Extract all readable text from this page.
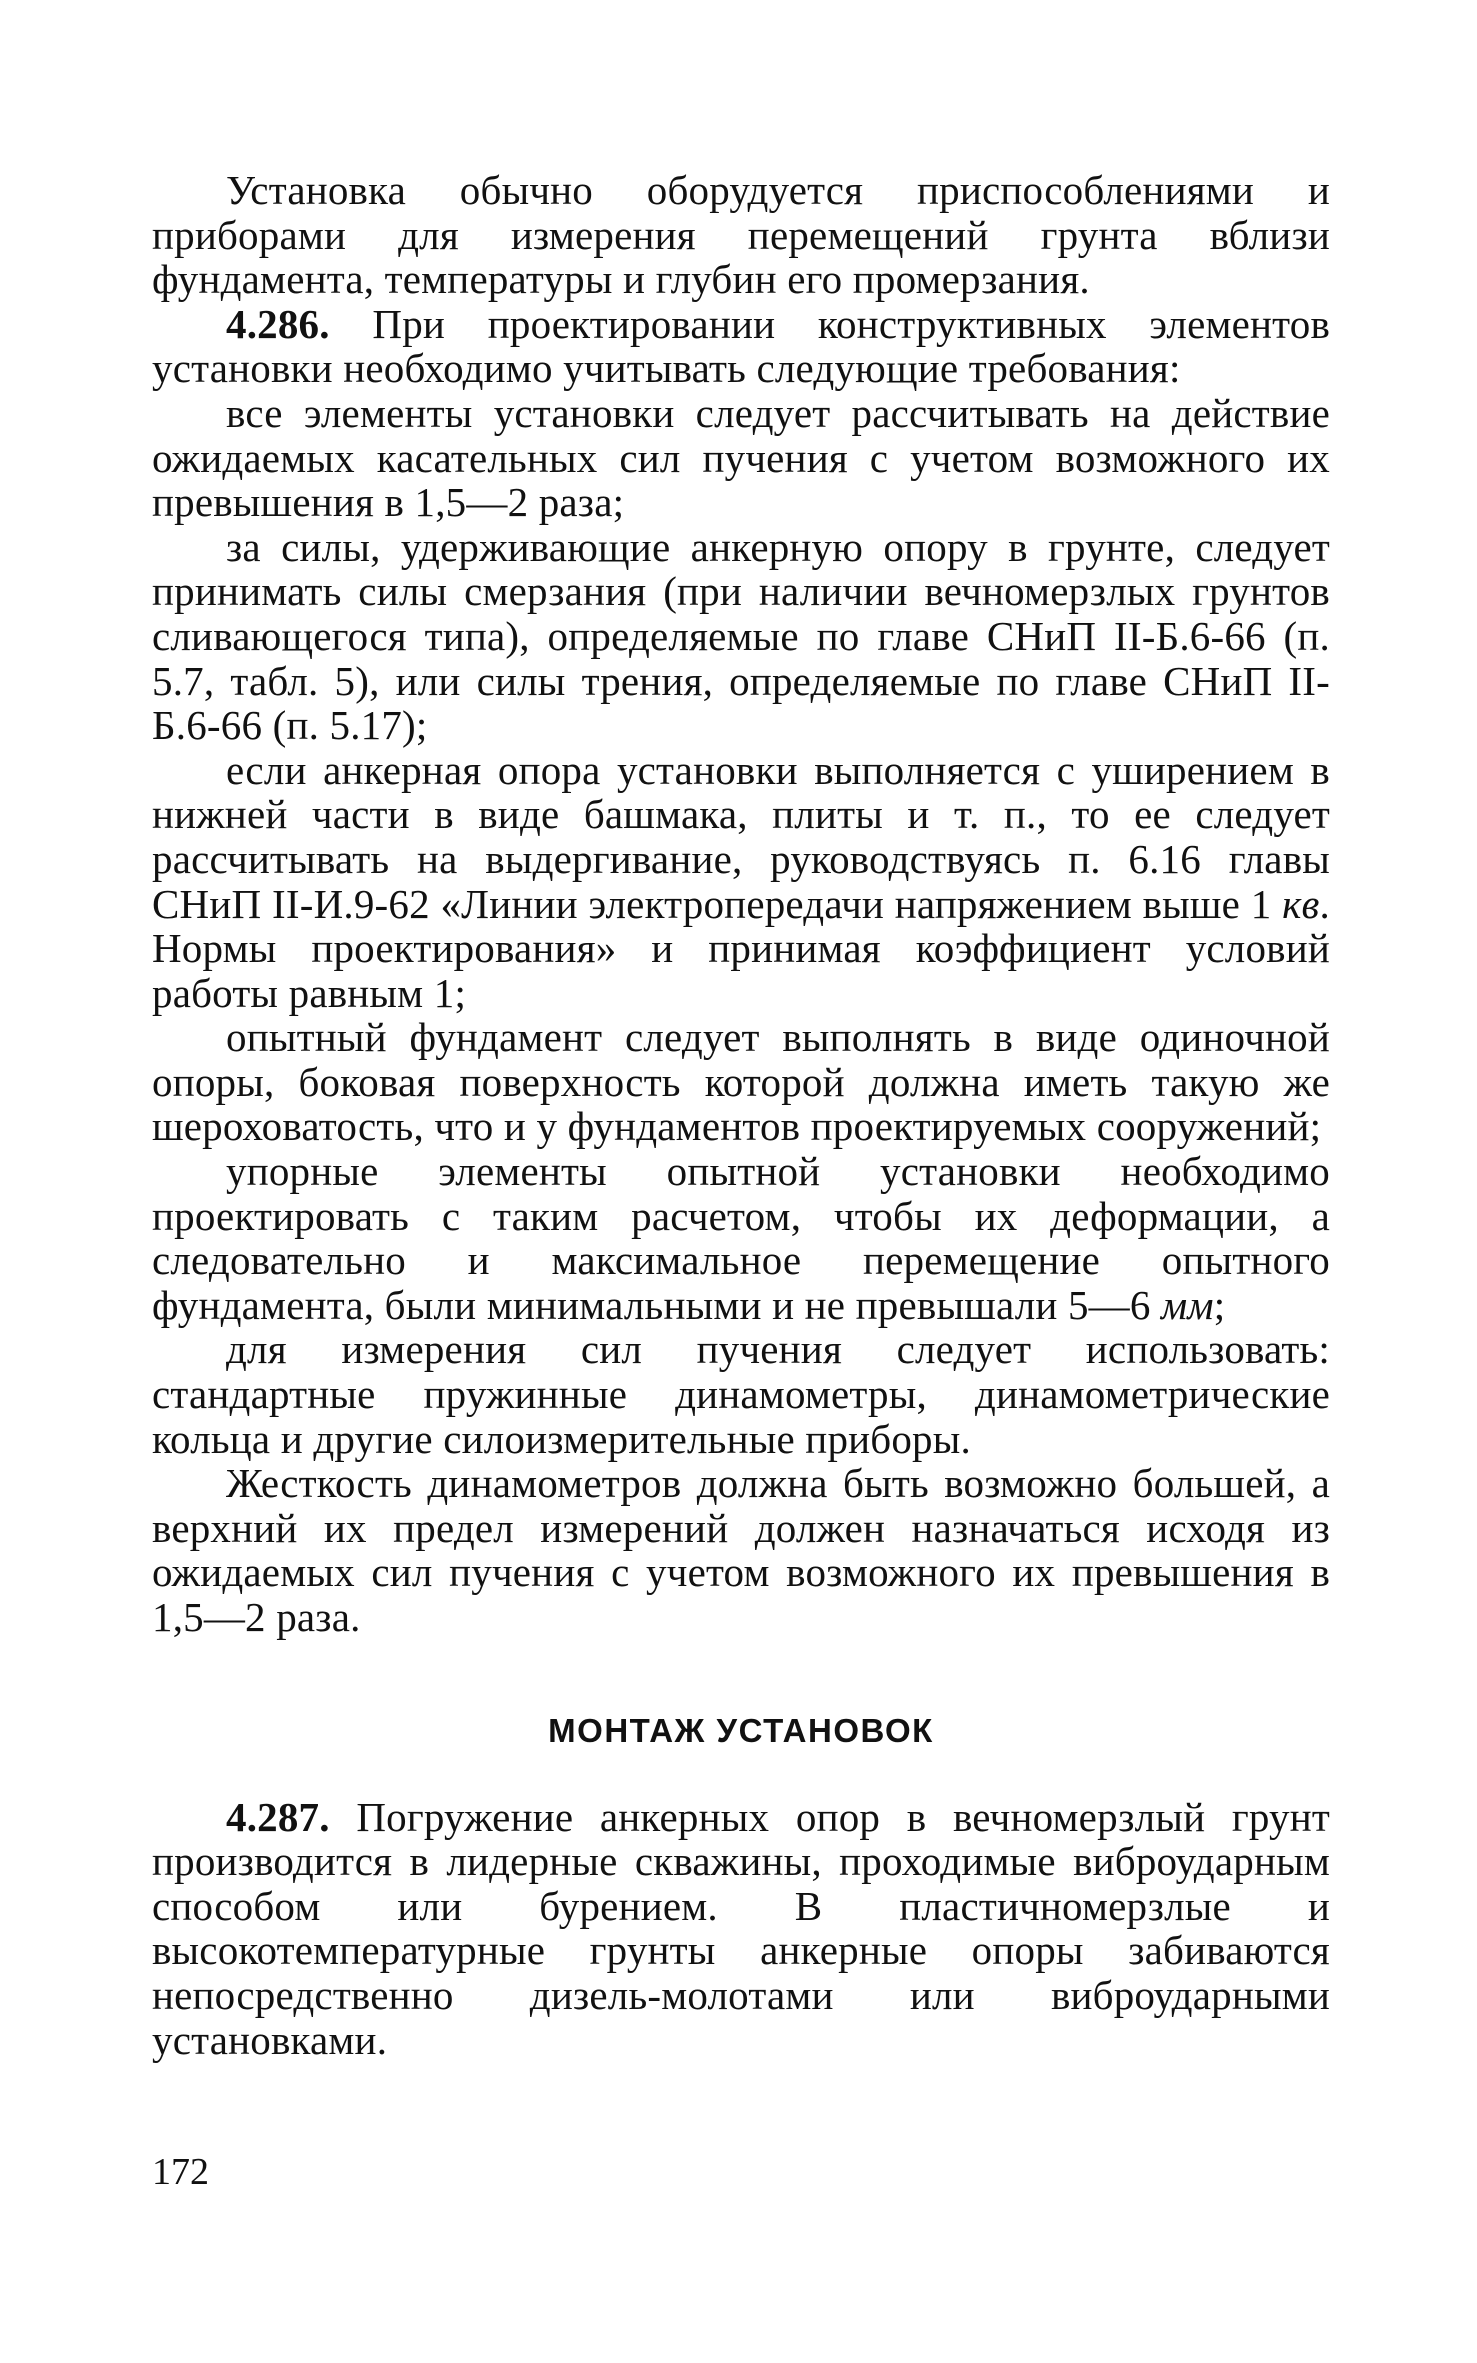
Установка обычно оборудуется приспособлениями и приборами для измерения перемещений грунта вблизи фундамента, температуры и глубин его промерзания.

4.286. При проектировании конструктивных элементов установки необходимо учитывать следующие требования:

все элементы установки следует рассчитывать на действие ожидаемых касательных сил пучения с учетом возможного их превышения в 1,5—2 раза;

за силы, удерживающие анкерную опору в грунте, следует принимать силы смерзания (при наличии вечномерзлых грунтов сливающегося типа), определяемые по главе СНиП II-Б.6-66 (п. 5.7, табл. 5), или силы трения, определяемые по главе СНиП II-Б.6-66 (п. 5.17);

если анкерная опора установки выполняется с уширением в нижней части в виде башмака, плиты и т. п., то ее следует рассчитывать на выдергивание, руководствуясь п. 6.16 главы СНиП II-И.9-62 «Линии электропередачи напряжением выше 1 кв. Нормы проектирования» и принимая коэффициент условий работы равным 1;

опытный фундамент следует выполнять в виде одиночной опоры, боковая поверхность которой должна иметь такую же шероховатость, что и у фундаментов проектируемых сооружений;

упорные элементы опытной установки необходимо проектировать с таким расчетом, чтобы их деформации, а следовательно и максимальное перемещение опытного фундамента, были минимальными и не превышали 5—6 мм;

для измерения сил пучения следует использовать: стандартные пружинные динамометры, динамометрические кольца и другие силоизмерительные приборы.

Жесткость динамометров должна быть возможно большей, а верхний их предел измерений должен назначаться исходя из ожидаемых сил пучения с учетом возможного их превышения в 1,5—2 раза.

МОНТАЖ УСТАНОВОК

4.287. Погружение анкерных опор в вечномерзлый грунт производится в лидерные скважины, проходимые виброударным способом или бурением. В пластичномерзлые и высокотемпературные грунты анкерные опоры забиваются непосредственно дизель-молотами или виброударными установками.

172
